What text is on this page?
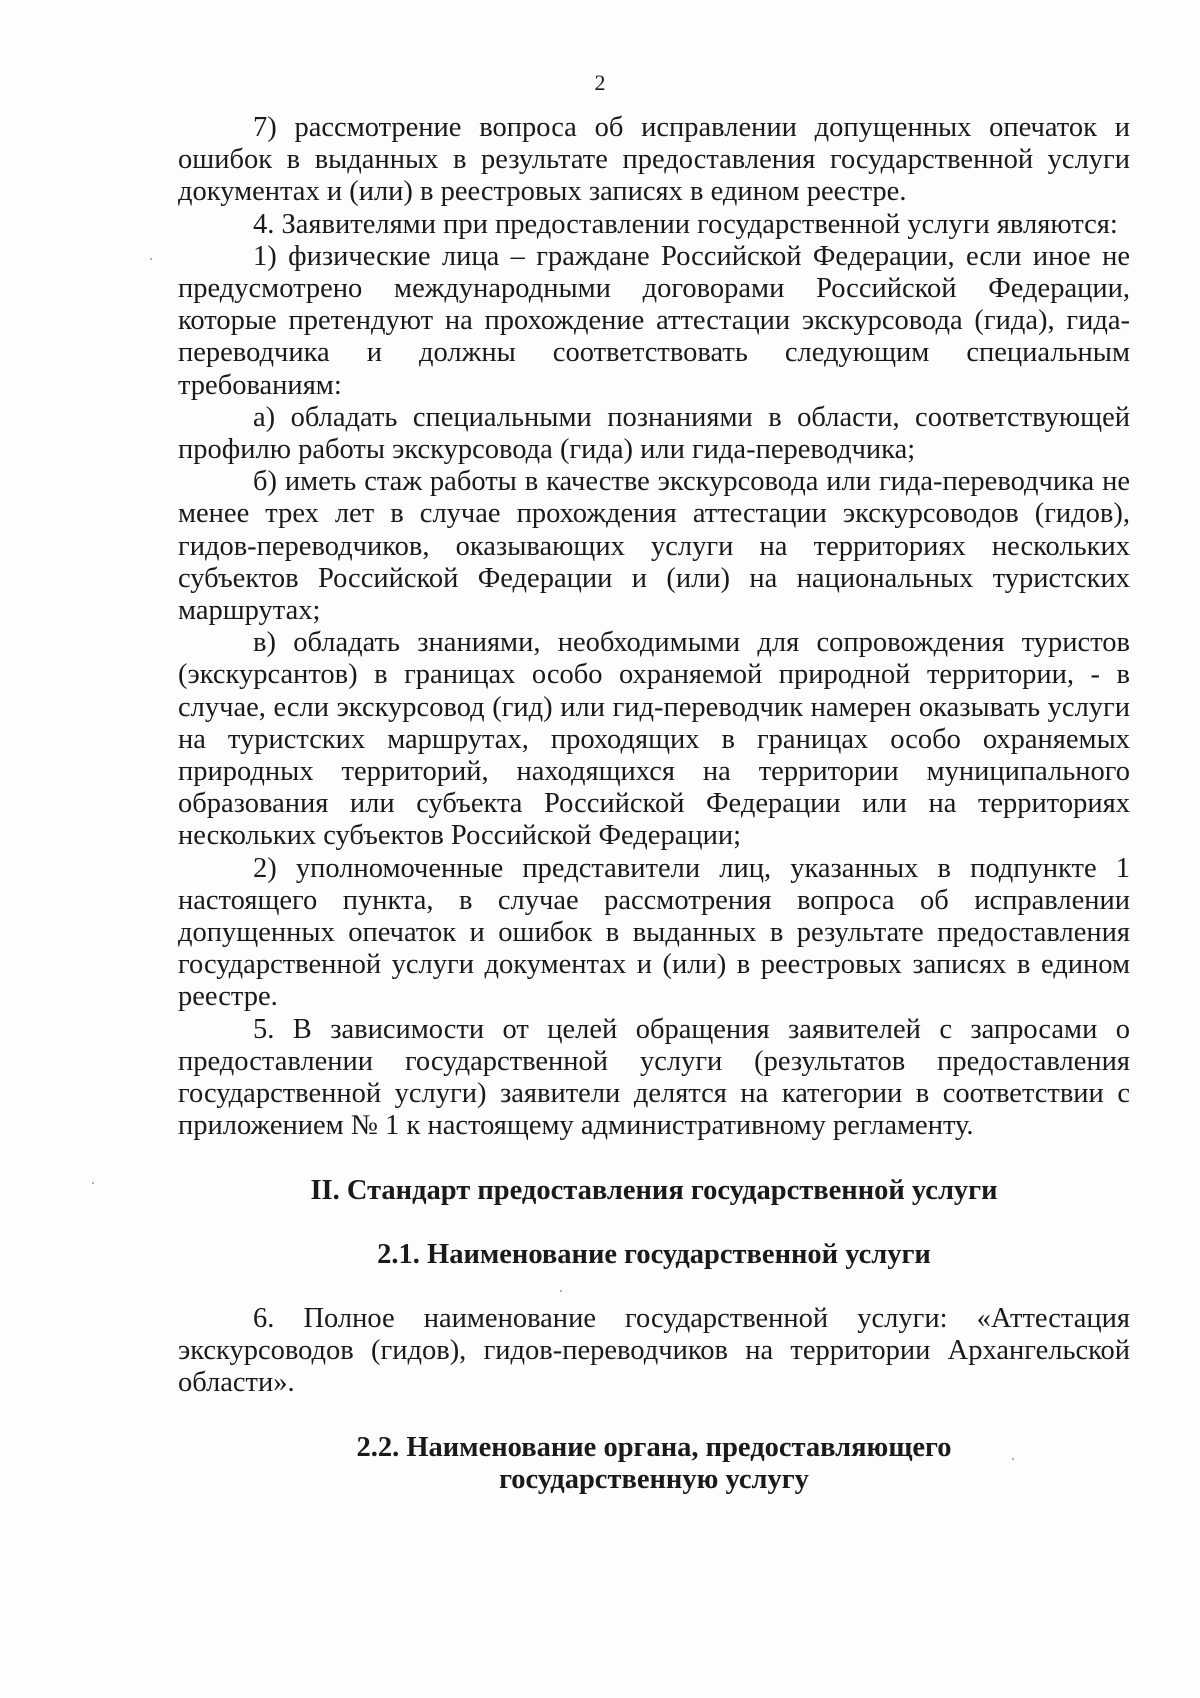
2

7) рассмотрение вопроса об исправлении допущенных опечаток и ошибок в выданных в результате предоставления государственной услуги документах и (или) в реестровых записях в едином реестре.

4. Заявителями при предоставлении государственной услуги являются:

1) физические лица – граждане Российской Федерации, если иное не предусмотрено международными договорами Российской Федерации, которые претендуют на прохождение аттестации экскурсовода (гида), гида-переводчика и должны соответствовать следующим специальным требованиям:

а) обладать специальными познаниями в области, соответствующей профилю работы экскурсовода (гида) или гида-переводчика;

б) иметь стаж работы в качестве экскурсовода или гида-переводчика не менее трех лет в случае прохождения аттестации экскурсоводов (гидов), гидов-переводчиков, оказывающих услуги на территориях нескольких субъектов Российской Федерации и (или) на национальных туристских маршрутах;

в) обладать знаниями, необходимыми для сопровождения туристов (экскурсантов) в границах особо охраняемой природной территории, - в случае, если экскурсовод (гид) или гид-переводчик намерен оказывать услуги на туристских маршрутах, проходящих в границах особо охраняемых природных территорий, находящихся на территории муниципального образования или субъекта Российской Федерации или на территориях нескольких субъектов Российской Федерации;

2) уполномоченные представители лиц, указанных в подпункте 1 настоящего пункта, в случае рассмотрения вопроса об исправлении допущенных опечаток и ошибок в выданных в результате предоставления государственной услуги документах и (или) в реестровых записях в едином реестре.

5. В зависимости от целей обращения заявителей с запросами о предоставлении государственной услуги (результатов предоставления государственной услуги) заявители делятся на категории в соответствии с приложением № 1 к настоящему административному регламенту.

II. Стандарт предоставления государственной услуги

2.1. Наименование государственной услуги

6. Полное наименование государственной услуги: «Аттестация экскурсоводов (гидов), гидов-переводчиков на территории Архангельской области».

2.2. Наименование органа, предоставляющего

государственную услугу
